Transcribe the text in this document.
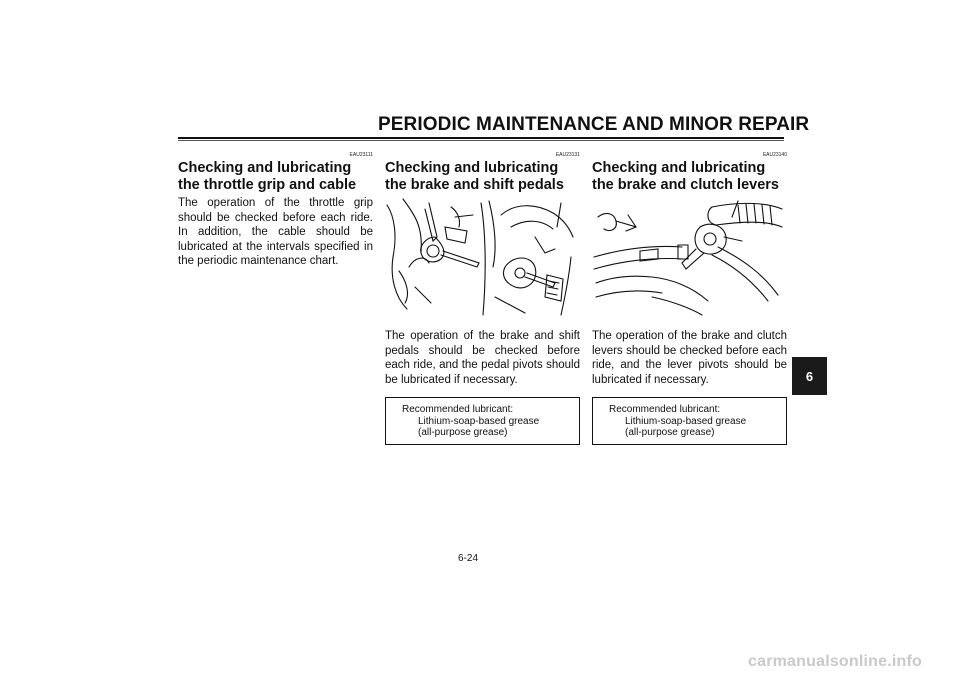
PERIODIC MAINTENANCE AND MINOR REPAIR
6
EAU23111
Checking and lubricating the throttle grip and cable

The operation of the throttle grip should be checked before each ride. In addition, the cable should be lubricated at the intervals specified in the periodic maintenance chart.

EAU23131
Checking and lubricating the brake and shift pedals

The operation of the brake and shift pedals should be checked before each ride, and the pedal pivots should be lubricated if necessary.

Recommended lubricant:
Lithium-soap-based grease
(all-purpose grease)
EAU23140
Checking and lubricating the brake and clutch levers

The operation of the brake and clutch levers should be checked before each ride, and the lever pivots should be lubricated if necessary.

Recommended lubricant:
Lithium-soap-based grease
(all-purpose grease)
6-24
carmanualsonline.info
